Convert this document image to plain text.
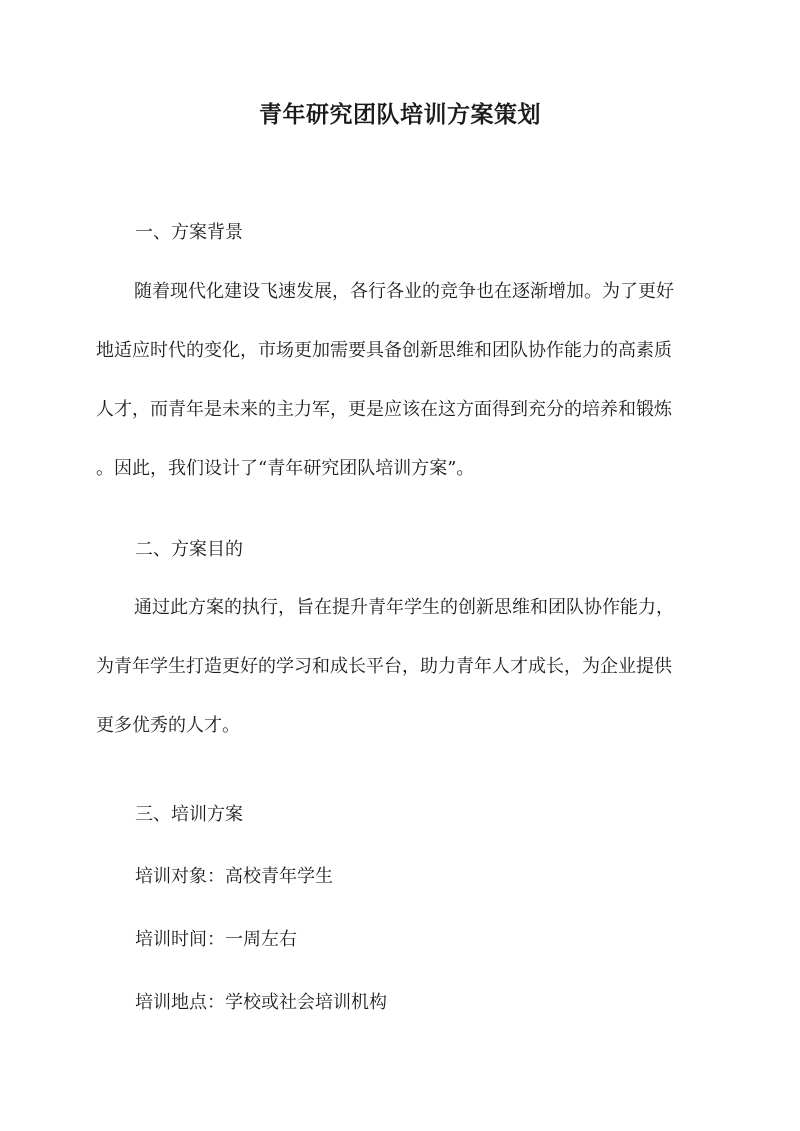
青年研究团队培训方案策划
一、方案背景
随着现代化建设飞速发展，各行各业的竞争也在逐渐增加。为了更好
地适应时代的变化，市场更加需要具备创新思维和团队协作能力的高素质
人才，而青年是未来的主力军，更是应该在这方面得到充分的培养和锻炼
。因此，我们设计了“青年研究团队培训方案”。
二、方案目的
通过此方案的执行，旨在提升青年学生的创新思维和团队协作能力，
为青年学生打造更好的学习和成长平台，助力青年人才成长，为企业提供
更多优秀的人才。
三、培训方案
培训对象：高校青年学生
培训时间：一周左右
培训地点：学校或社会培训机构
